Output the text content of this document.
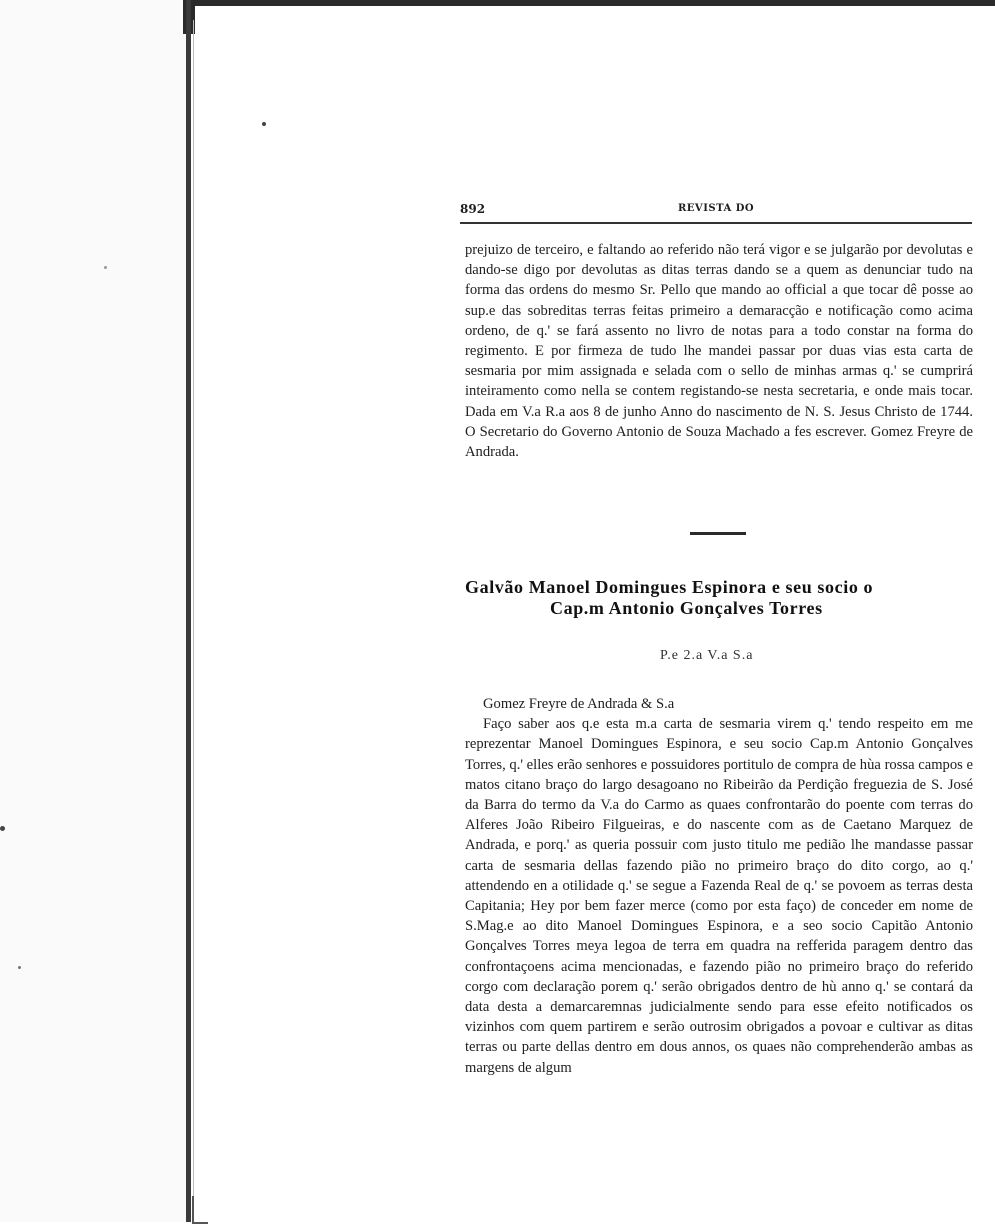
892	REVISTA DO

prejuizo de terceiro, e faltando ao referido não terá vigor e se julgarão por devolutas e dando-se digo por devolutas as ditas terras dando se a quem as denunciar tudo na forma das ordens do mesmo Sr. Pello que mando ao official a que tocar dê posse ao sup.e das sobreditas terras feitas primeiro a demaracção e notificação como acima ordeno, de q.' se fará assento no livro de notas para a todo constar na forma do regimento. E por firmeza de tudo lhe mandei passar por duas vias esta carta de sesmaria por mim assignada e selada com o sello de minhas armas q.' se cumprirá inteiramento como nella se contem registando-se nesta secretaria, e onde mais tocar. Dada em V.a R.a aos 8 de junho Anno do nascimento de N. S. Jesus Christo de 1744. O Secretario do Governo Antonio de Souza Machado a fes escrever. Gomez Freyre de Andrada.

Galvão Manoel Domingues Espinora e seu socio o
Cap.m Antonio Gonçalves Torres
P.e 2.a V.a S.a

Gomez Freyre de Andrada & S.a

Faço saber aos q.e esta m.a carta de sesmaria virem q.' tendo respeito em me reprezentar Manoel Domingues Espinora, e seu socio Cap.m Antonio Gonçalves Torres, q.' elles erão senhores e possuidores portitulo de compra de hùa rossa campos e matos citano braço do largo desagoano no Ribeirão da Perdição freguezia de S. José da Barra do termo da V.a do Carmo as quaes confrontarão do poente com terras do Alferes João Ribeiro Filgueiras, e do nascente com as de Caetano Marquez de Andrada, e porq.' as queria possuir com justo titulo me pedião lhe mandasse passar carta de sesmaria dellas fazendo pião no primeiro braço do dito corgo, ao q.' attendendo en a otilidade q.' se segue a Fazenda Real de q.' se povoem as terras desta Capitania; Hey por bem fazer merce (como por esta faço) de conceder em nome de S.Mag.e ao dito Manoel Domingues Espinora, e a seo socio Capitão Antonio Gonçalves Torres meya legoa de terra em quadra na refferida paragem dentro das confrontaçoens acima mencionadas, e fazendo pião no primeiro braço do referido corgo com declaração porem q.' serão obrigados dentro de hù anno q.' se contará da data desta a demarcaremnas judicialmente sendo para esse efeito notificados os vizinhos com quem partirem e serão outrosim obrigados a povoar e cultivar as ditas terras ou parte dellas dentro em dous annos, os quaes não comprehenderão ambas as margens de algum
